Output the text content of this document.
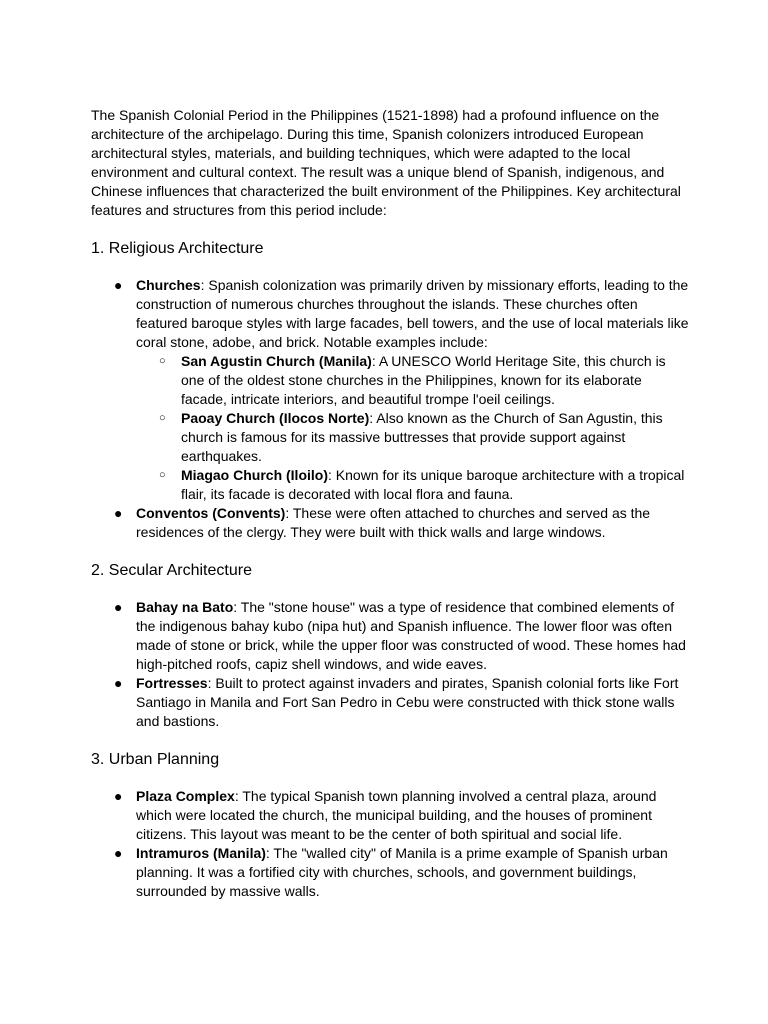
The Spanish Colonial Period in the Philippines (1521-1898) had a profound influence on the architecture of the archipelago. During this time, Spanish colonizers introduced European architectural styles, materials, and building techniques, which were adapted to the local environment and cultural context. The result was a unique blend of Spanish, indigenous, and Chinese influences that characterized the built environment of the Philippines. Key architectural features and structures from this period include:

1. Religious Architecture
● Churches: Spanish colonization was primarily driven by missionary efforts, leading to the construction of numerous churches throughout the islands. These churches often featured baroque styles with large facades, bell towers, and the use of local materials like coral stone, adobe, and brick. Notable examples include:
○ San Agustin Church (Manila): A UNESCO World Heritage Site, this church is one of the oldest stone churches in the Philippines, known for its elaborate facade, intricate interiors, and beautiful trompe l'oeil ceilings.
○ Paoay Church (Ilocos Norte): Also known as the Church of San Agustin, this church is famous for its massive buttresses that provide support against earthquakes.
○ Miagao Church (Iloilo): Known for its unique baroque architecture with a tropical flair, its facade is decorated with local flora and fauna.
● Conventos (Convents): These were often attached to churches and served as the residences of the clergy. They were built with thick walls and large windows.
2. Secular Architecture
● Bahay na Bato: The "stone house" was a type of residence that combined elements of the indigenous bahay kubo (nipa hut) and Spanish influence. The lower floor was often made of stone or brick, while the upper floor was constructed of wood. These homes had high-pitched roofs, capiz shell windows, and wide eaves.
● Fortresses: Built to protect against invaders and pirates, Spanish colonial forts like Fort Santiago in Manila and Fort San Pedro in Cebu were constructed with thick stone walls and bastions.
3. Urban Planning
● Plaza Complex: The typical Spanish town planning involved a central plaza, around which were located the church, the municipal building, and the houses of prominent citizens. This layout was meant to be the center of both spiritual and social life.
● Intramuros (Manila): The "walled city" of Manila is a prime example of Spanish urban planning. It was a fortified city with churches, schools, and government buildings, surrounded by massive walls.
